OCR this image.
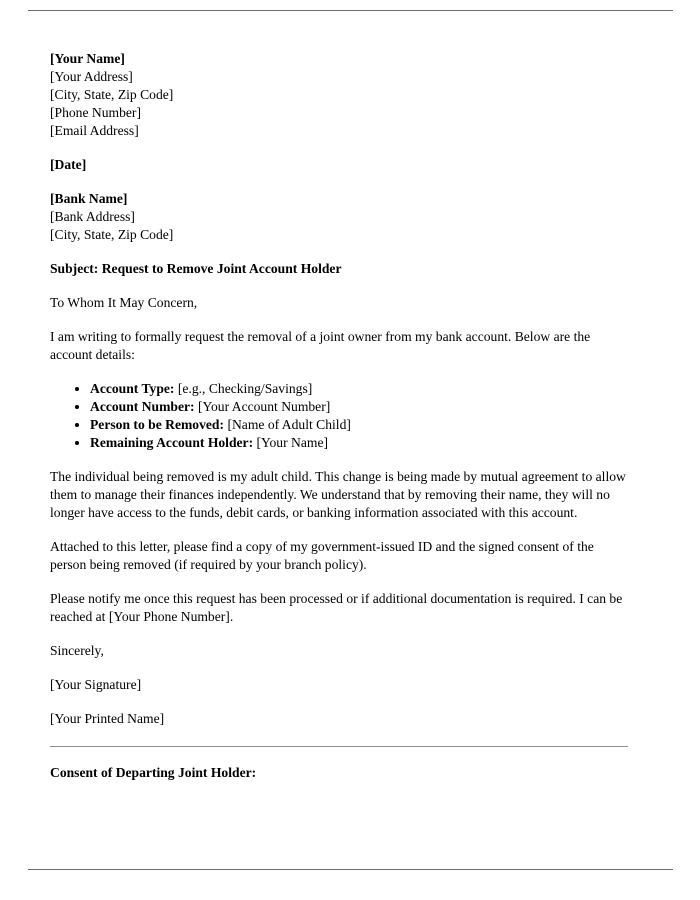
[Your Name]
[Your Address]
[City, State, Zip Code]
[Phone Number]
[Email Address]
[Date]
[Bank Name]
[Bank Address]
[City, State, Zip Code]
Subject: Request to Remove Joint Account Holder
To Whom It May Concern,
I am writing to formally request the removal of a joint owner from my bank account. Below are the account details:
• Account Type: [e.g., Checking/Savings]
• Account Number: [Your Account Number]
• Person to be Removed: [Name of Adult Child]
• Remaining Account Holder: [Your Name]
The individual being removed is my adult child. This change is being made by mutual agreement to allow them to manage their finances independently. We understand that by removing their name, they will no longer have access to the funds, debit cards, or banking information associated with this account.
Attached to this letter, please find a copy of my government-issued ID and the signed consent of the person being removed (if required by your branch policy).
Please notify me once this request has been processed or if additional documentation is required. I can be reached at [Your Phone Number].
Sincerely,
[Your Signature]
[Your Printed Name]
Consent of Departing Joint Holder:
